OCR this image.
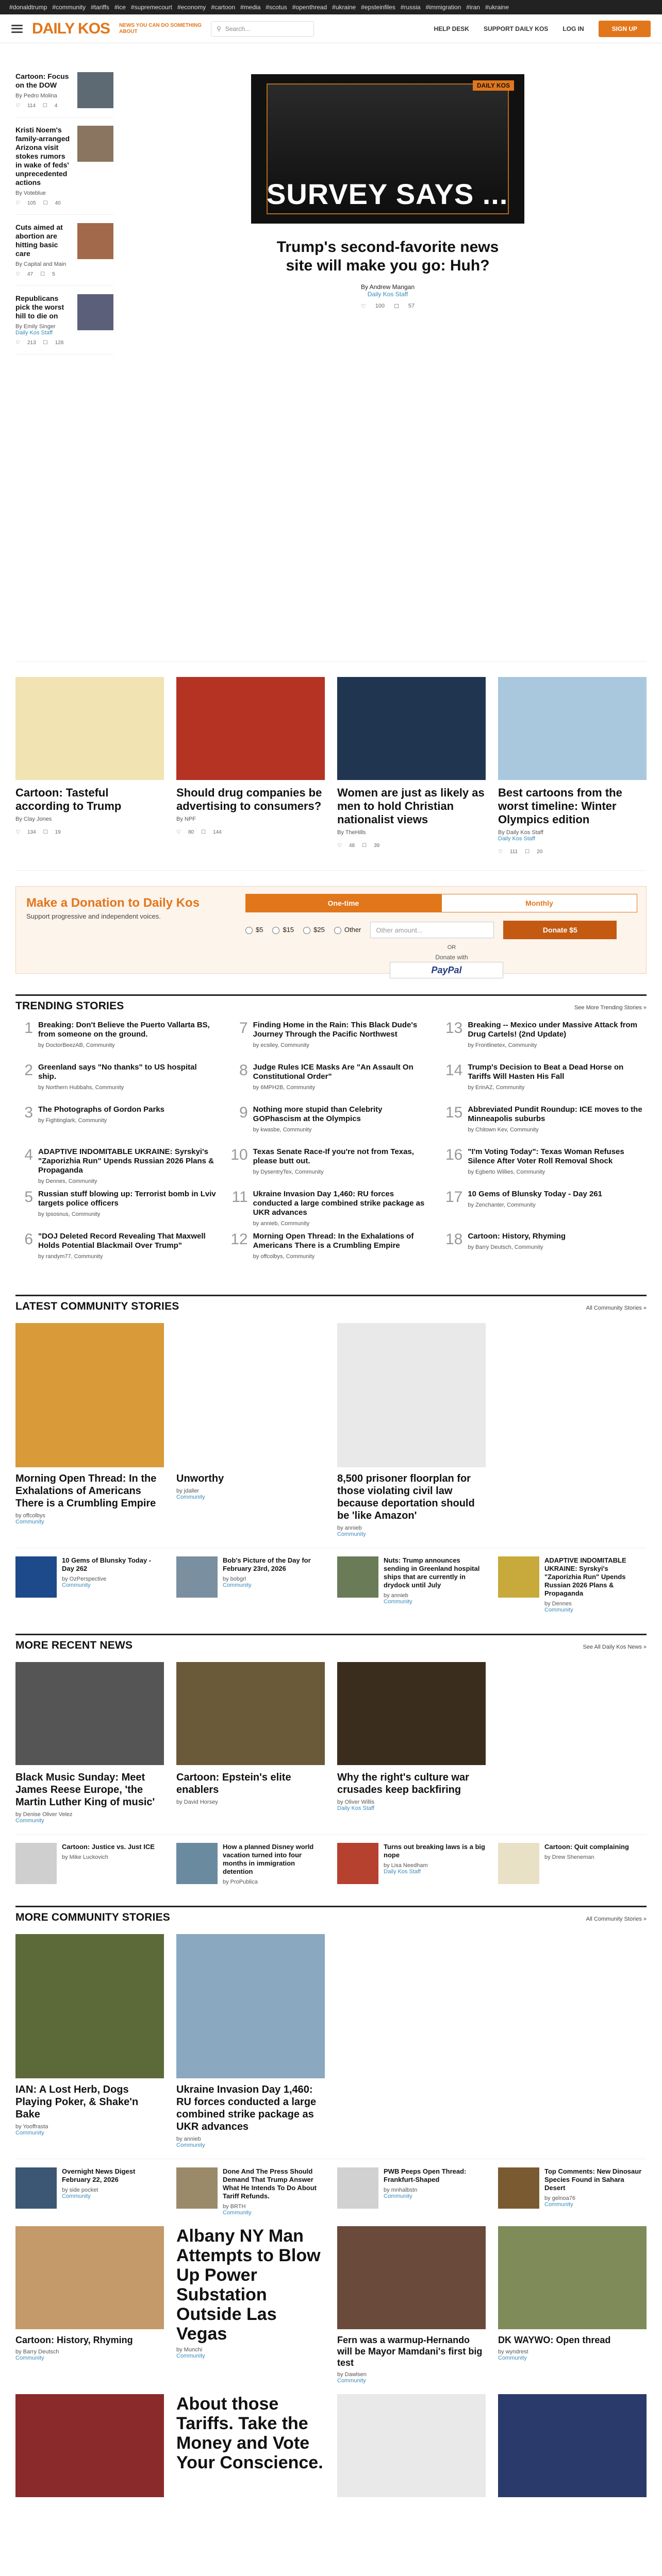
#donaldtrump #community #tariffs #ice #supremecourt #economy #cartoon #media #scotus #openthread #ukraine #epsteinfiles #russia #immigration #iran #ukraine
DAILY KOS NEWS YOU CAN DO SOMETHING ABOUT	⚲ Search...	HELP DESK SUPPORT DAILY KOS LOG IN	SIGN UP
Cartoon: Focus on the DOW
By Pedro Molina
♡ 114 ☐ 4
Kristi Noem's family-arranged Arizona visit stokes rumors in wake of feds' unprecedented actions
By Voteblue
♡ 105 ☐ 40
Cuts aimed at abortion are hitting basic care
By Capital and Main
♡ 47 ☐ 5
Republicans pick the worst hill to die on
By Emily Singer
Daily Kos Staff
♡ 213 ☐ 128
DAILY KOS
SURVEY SAYS ...
Trump's second-favorite news site will make you go: Huh?
By Andrew Mangan
Daily Kos Staff
♡ 100 ☐ 57
Cartoon: Tasteful according to Trump
By Clay Jones
♡ 134 ☐ 19
Should drug companies be advertising to consumers?
By NPF
♡ 80 ☐ 144
Women are just as likely as men to hold Christian nationalist views
By TheHills
♡ 48 ☐ 39
Best cartoons from the worst timeline: Winter Olympics edition
By Daily Kos Staff
Daily Kos Staff
♡ 111 ☐ 20
Make a Donation to Daily Kos

Support progressive and independent voices.

One-time	Monthly
$5	$15	$25	Other	Other amount...	Donate $5
OR
Donate with
PayPal
TRENDING STORIES	See More Trending Stories »
1 Breaking: Don't Believe the Puerto Vallarta BS, from someone on the ground.
by DoctorBeezAB, Community
7 Finding Home in the Rain: This Black Dude's Journey Through the Pacific Northwest
by ecsiley, Community
13 Breaking -- Mexico under Massive Attack from Drug Cartels! (2nd Update)
by Frontlinetex, Community
2 Greenland says "No thanks" to US hospital ship.
by Northern Hubbahs, Community
8 Judge Rules ICE Masks Are "An Assault On Constitutional Order"
by 6MPH2B, Community
14 Trump's Decision to Beat a Dead Horse on Tariffs Will Hasten His Fall
by ErinAZ, Community
3 The Photographs of Gordon Parks
by Fightinglark, Community	9 Nothing more stupid than Celebrity GOPhascism at the Olympics
by kwasbe, Community
15 Abbreviated Pundit Roundup: ICE moves to the Minneapolis suburbs
by Chitown Kev, Community
4 ADAPTIVE INDOMITABLE UKRAINE: Syrskyi's "Zaporizhia Run" Upends Russian 2026 Plans & Propaganda
by Dennes, Community
10 Texas Senate Race-If you're not from Texas, please butt out.
by DysentryTex, Community
16 "I'm Voting Today": Texas Woman Refuses Silence After Voter Roll Removal Shock
by Egberto Willies, Community
5 Russian stuff blowing up: Terrorist bomb in Lviv targets police officers
by Ipsosnus, Community
11 Ukraine Invasion Day 1,460: RU forces conducted a large combined strike package as UKR advances
by annieb, Community
17 10 Gems of Blunsky Today - Day 261
by Zenchanter, Community
6 "DOJ Deleted Record Revealing That Maxwell Holds Potential Blackmail Over Trump"
by randym77, Community
12 Morning Open Thread: In the Exhalations of Americans There is a Crumbling Empire
by offcolbys, Community
18 Cartoon: History, Rhyming
by Barry Deutsch, Community
LATEST COMMUNITY STORIES	All Community Stories »
Morning Open Thread: In the Exhalations of Americans There is a Crumbling Empire
by offcolbys
Community
Unworthy
by jdaller
Community
8,500 prisoner floorplan for those violating civil law because deportation should be 'like Amazon'
by annieb
Community
10 Gems of Blunsky Today - Day 262
by OzPerspective
Community
Bob's Picture of the Day for February 23rd, 2026
by bobgrl
Community
Nuts: Trump announces sending in Greenland hospital ships that are currently in drydock until July
by annieb
Community
ADAPTIVE INDOMITABLE UKRAINE: Syrskyi's "Zaporizhia Run" Upends Russian 2026 Plans & Propaganda
by Dennes
Community
MORE RECENT NEWS	See All Daily Kos News »
Black Music Sunday: Meet James Reese Europe, 'the Martin Luther King of music'
by Denise Oliver Velez
Community
Cartoon: Epstein's elite enablers
by David Horsey
Why the right's culture war crusades keep backfiring
by Oliver Willis
Daily Kos Staff
Cartoon: Justice vs. Just ICE
by Mike Luckovich
How a planned Disney world vacation turned into four months in immigration detention
by ProPublica
Turns out breaking laws is a big nope
by Lisa Needham
Daily Kos Staff
Cartoon: Quit complaining
by Drew Sheneman
MORE COMMUNITY STORIES	All Community Stories »
IAN: A Lost Herb, Dogs Playing Poker, & Shake'n Bake
by Yooffrasta
Community
Ukraine Invasion Day 1,460: RU forces conducted a large combined strike package as UKR advances
by annieb
Community
Overnight News Digest February 22, 2026
by side pocket
Community
Done And The Press Should Demand That Trump Answer What He Intends To Do About Tariff Refunds.
by BRTH
Community
PWB Peeps Open Thread: Frankfurt-Shaped
by mnhalbstn
Community
Top Comments: New Dinosaur Species Found in Sahara Desert
by gelnoa76
Community
Cartoon: History, Rhyming
by Barry Deutsch
Community
Albany NY Man Attempts to Blow Up Power Substation Outside Las Vegas
by Munchi
Community
Fern was a warmup-Hernando will be Mayor Mamdani's first big test
by Dawlsen
Community
DK WAYWO: Open thread
by wyndrest
Community
About those Tariffs. Take the Money and Vote Your Conscience.
